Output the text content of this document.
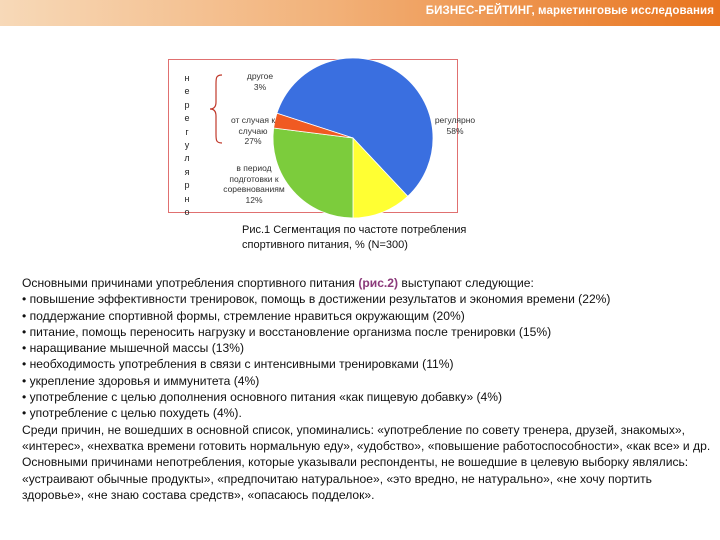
БИЗНЕС-РЕЙТИНГ, маркетинговые исследования
н
е
р
е
г
у
л
я
р
н
о
другое
3%
от случая к
случаю
27%
в период
подготовки к
соревнованиям
12%
регулярно
58%
Рис.1 Сегментация по частоте потребления
спортивного питания, % (N=300)

Основными причинами употребления спортивного питания (рис.2) выступают следующие:

• повышение эффективности тренировок, помощь в достижении результатов и экономия времени (22%)

• поддержание спортивной формы, стремление нравиться окружающим (20%)

• питание, помощь переносить нагрузку и восстановление организма после тренировки (15%)

• наращивание мышечной массы (13%)

• необходимость употребления в связи с интенсивными тренировками (11%)

• укрепление здоровья и иммунитета (4%)

• употребление с целью дополнения основного питания «как пищевую добавку» (4%)

• употребление с целью похудеть (4%).

Среди причин, не вошедших в основной список, упоминались: «употребление по совету тренера, друзей, знакомых», «интерес», «нехватка времени готовить нормальную еду», «удобство», «повышение работоспособности», «как все» и др.

Основными причинами непотребления, которые указывали респонденты, не вошедшие в целевую выборку являлись: «устраивают обычные продукты», «предпочитаю натуральное», «это вредно, не натурально», «не хочу портить здоровье», «не знаю состава средств», «опасаюсь подделок».
